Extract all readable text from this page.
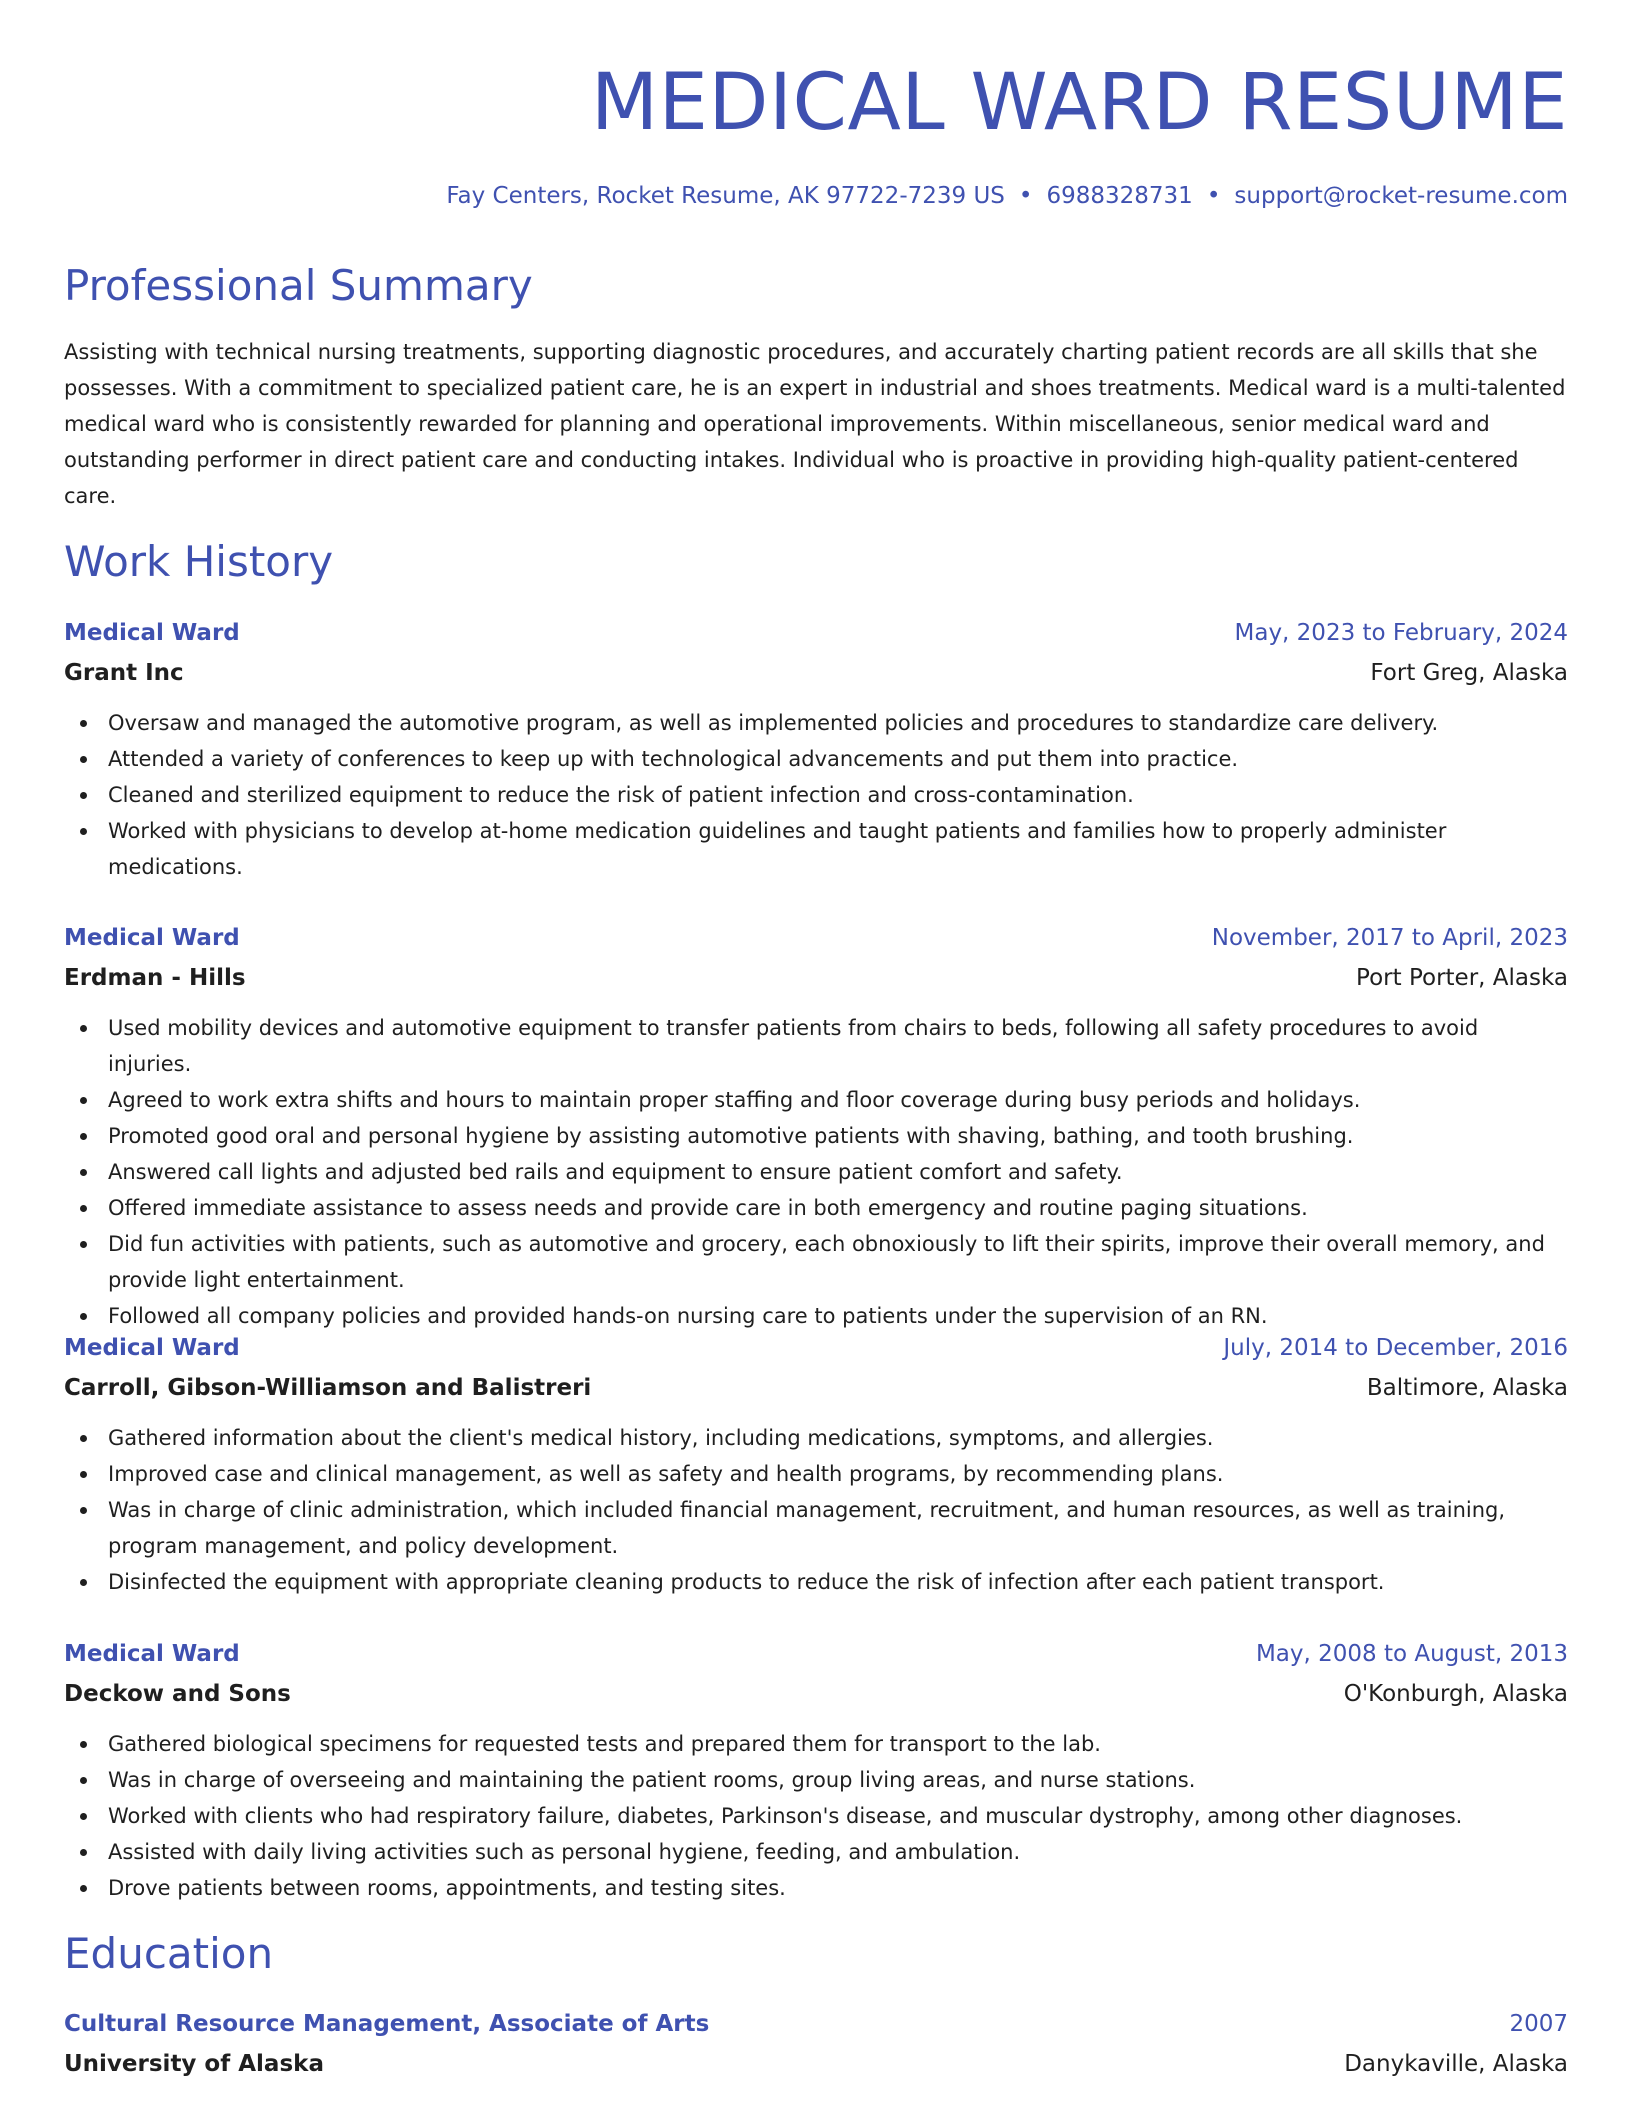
MEDICAL WARD RESUME
Fay Centers, Rocket Resume, AK 97722-7239 US • 6988328731 • support@rocket-resume.com
Professional Summary

Assisting with technical nursing treatments, supporting diagnostic procedures, and accurately charting patient records are all skills that she possesses. With a commitment to specialized patient care, he is an expert in industrial and shoes treatments. Medical ward is a multi-talented medical ward who is consistently rewarded for planning and operational improvements. Within miscellaneous, senior medical ward and outstanding performer in direct patient care and conducting intakes. Individual who is proactive in providing high-quality patient-centered care.

Work History
Medical Ward	May, 2023 to February, 2024
Grant Inc	Fort Greg, Alaska
Oversaw and managed the automotive program, as well as implemented policies and procedures to standardize care delivery.
Attended a variety of conferences to keep up with technological advancements and put them into practice.
Cleaned and sterilized equipment to reduce the risk of patient infection and cross-contamination.
Worked with physicians to develop at-home medication guidelines and taught patients and families how to properly administer medications.
Medical Ward	November, 2017 to April, 2023
Erdman - Hills	Port Porter, Alaska
Used mobility devices and automotive equipment to transfer patients from chairs to beds, following all safety procedures to avoid injuries.
Agreed to work extra shifts and hours to maintain proper staffing and floor coverage during busy periods and holidays.
Promoted good oral and personal hygiene by assisting automotive patients with shaving, bathing, and tooth brushing.
Answered call lights and adjusted bed rails and equipment to ensure patient comfort and safety.
Offered immediate assistance to assess needs and provide care in both emergency and routine paging situations.
Did fun activities with patients, such as automotive and grocery, each obnoxiously to lift their spirits, improve their overall memory, and provide light entertainment.
Followed all company policies and provided hands-on nursing care to patients under the supervision of an RN.
Medical Ward	July, 2014 to December, 2016
Carroll, Gibson-Williamson and Balistreri	Baltimore, Alaska
Gathered information about the client's medical history, including medications, symptoms, and allergies.
Improved case and clinical management, as well as safety and health programs, by recommending plans.
Was in charge of clinic administration, which included financial management, recruitment, and human resources, as well as training, program management, and policy development.
Disinfected the equipment with appropriate cleaning products to reduce the risk of infection after each patient transport.
Medical Ward	May, 2008 to August, 2013
Deckow and Sons	O'Konburgh, Alaska
Gathered biological specimens for requested tests and prepared them for transport to the lab.
Was in charge of overseeing and maintaining the patient rooms, group living areas, and nurse stations.
Worked with clients who had respiratory failure, diabetes, Parkinson's disease, and muscular dystrophy, among other diagnoses.
Assisted with daily living activities such as personal hygiene, feeding, and ambulation.
Drove patients between rooms, appointments, and testing sites.
Education
Cultural Resource Management, Associate of Arts	2007
University of Alaska	Danykaville, Alaska
